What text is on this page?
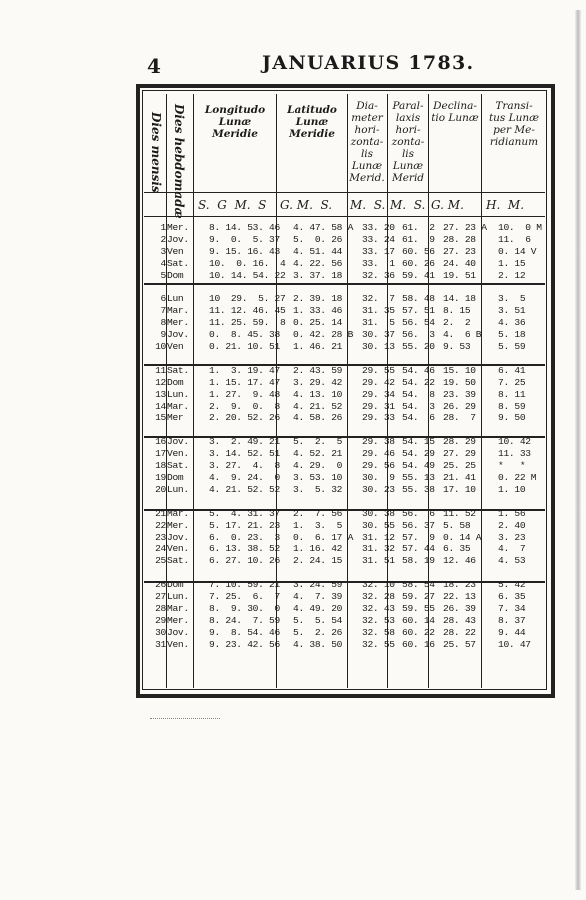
4	JANUARIUS 1783.
Dies mensis Dies hebdomadæ	Longitudo
Lunæ
Meridie
Latitudo
Lunæ
Meridie
Dia-
meter
hori-
zonta-
lis
Lunæ
Merid.
Paral-
laxis
hori-
zonta-
lis
Lunæ
Merid
Declina-
tio Lunæ
Transi-
tus Lunæ
per Me-
ridianum
S.  G  M.  S G. M.  S. M.  S. M.  S. G. M. H.  M.
1	Mer.	8. 14. 53. 46	4. 47. 58 A	33. 20	61.  2	27. 23 A	10.  0 M
2	Jov.	9.  0.  5. 37	5.  0. 26	33. 24	61.  9	28. 28	11.  6
3	Ven	9. 15. 16. 43	4. 51. 44	33. 17	60. 56	27. 23	0. 14 V
4	Sat.	10.  0. 16.  4	4. 22. 56	33.  1	60. 26	24. 40	1. 15
5	Dom	10. 14. 54. 22	3. 37. 18	32. 36	59. 41	19. 51	2. 12

6	Lun	10  29.  5. 27	2. 39. 18	32.  7	58. 48	14. 18	3.  5
7	Mar.	11. 12. 46. 45	1. 33. 46	31. 35	57. 51	8. 15	3. 51
8	Mer.	11. 25. 59.  8	0. 25. 14	31.  5	56. 54	2.  2	4. 36
9	Jov.	0.  8. 45. 38	0. 42. 28 B	30. 37	56.  3	4.  6 B	5. 18
10	Ven	0. 21. 10. 51	1. 46. 21	30. 13	55. 20	9. 53	5. 59

11	Sat.	1.  3. 19. 47	2. 43. 59	29. 55	54. 46	15. 10	6. 41
12	Dom	1. 15. 17. 47	3. 29. 42	29. 42	54. 22	19. 50	7. 25
13	Lun.	1. 27.  9. 48	4. 13. 10	29. 34	54.  8	23. 39	8. 11
14	Mar.	2.  9.  0.  8	4. 21. 52	29. 31	54.  3	26. 29	8. 59
15	Mer	2. 20. 52. 26	4. 58. 26	29. 33	54.  6	28.  7	9. 50

16	Jov.	3.  2. 49. 21	5.  2.  5	29. 38	54. 15	28. 29	10. 42
17	Ven.	3. 14. 52. 51	4. 52. 21	29. 46	54. 29	27. 29	11. 33
18	Sat.	3. 27.  4.  8	4. 29.  0	29. 56	54. 49	25. 25	*   *
19	Dom	4.  9. 24.  0	3. 53. 10	30.  9	55. 13	21. 41	0. 22 M
20	Lun.	4. 21. 52. 52	3.  5. 32	30. 23	55. 38	17. 10	1. 10

21	Mar.	5.  4. 31. 37	2.  7. 56	30. 38	56.  6	11. 52	1. 56
22	Mer.	5. 17. 21. 23	1.  3.  5	30. 55	56. 37	5. 58	2. 40
23	Jov.	6.  0. 23.  3	0.  6. 17 A	31. 12	57.  9	0. 14 A	3. 23
24	Ven.	6. 13. 38. 52	1. 16. 42	31. 32	57. 44	6. 35	4.  7
25	Sat.	6. 27. 10. 26	2. 24. 15	31. 51	58. 19	12. 46	4. 53

26	Dom	7. 10. 59. 21	3. 24. 59	32. 10	58. 54	18. 23	5. 42
27	Lun.	7. 25.  6.  7	4.  7. 39	32. 28	59. 27	22. 13	6. 35
28	Mar.	8.  9. 30.  0	4. 49. 20	32. 43	59. 55	26. 39	7. 34
29	Mer.	8. 24.  7. 59	5.  5. 54	32. 53	60. 14	28. 43	8. 37
30	Jov.	9.  8. 54. 46	5.  2. 26	32. 58	60. 22	28. 22	9. 44
31	Ven.	9. 23. 42. 56	4. 38. 50	32. 55	60. 16	25. 57	10. 47
